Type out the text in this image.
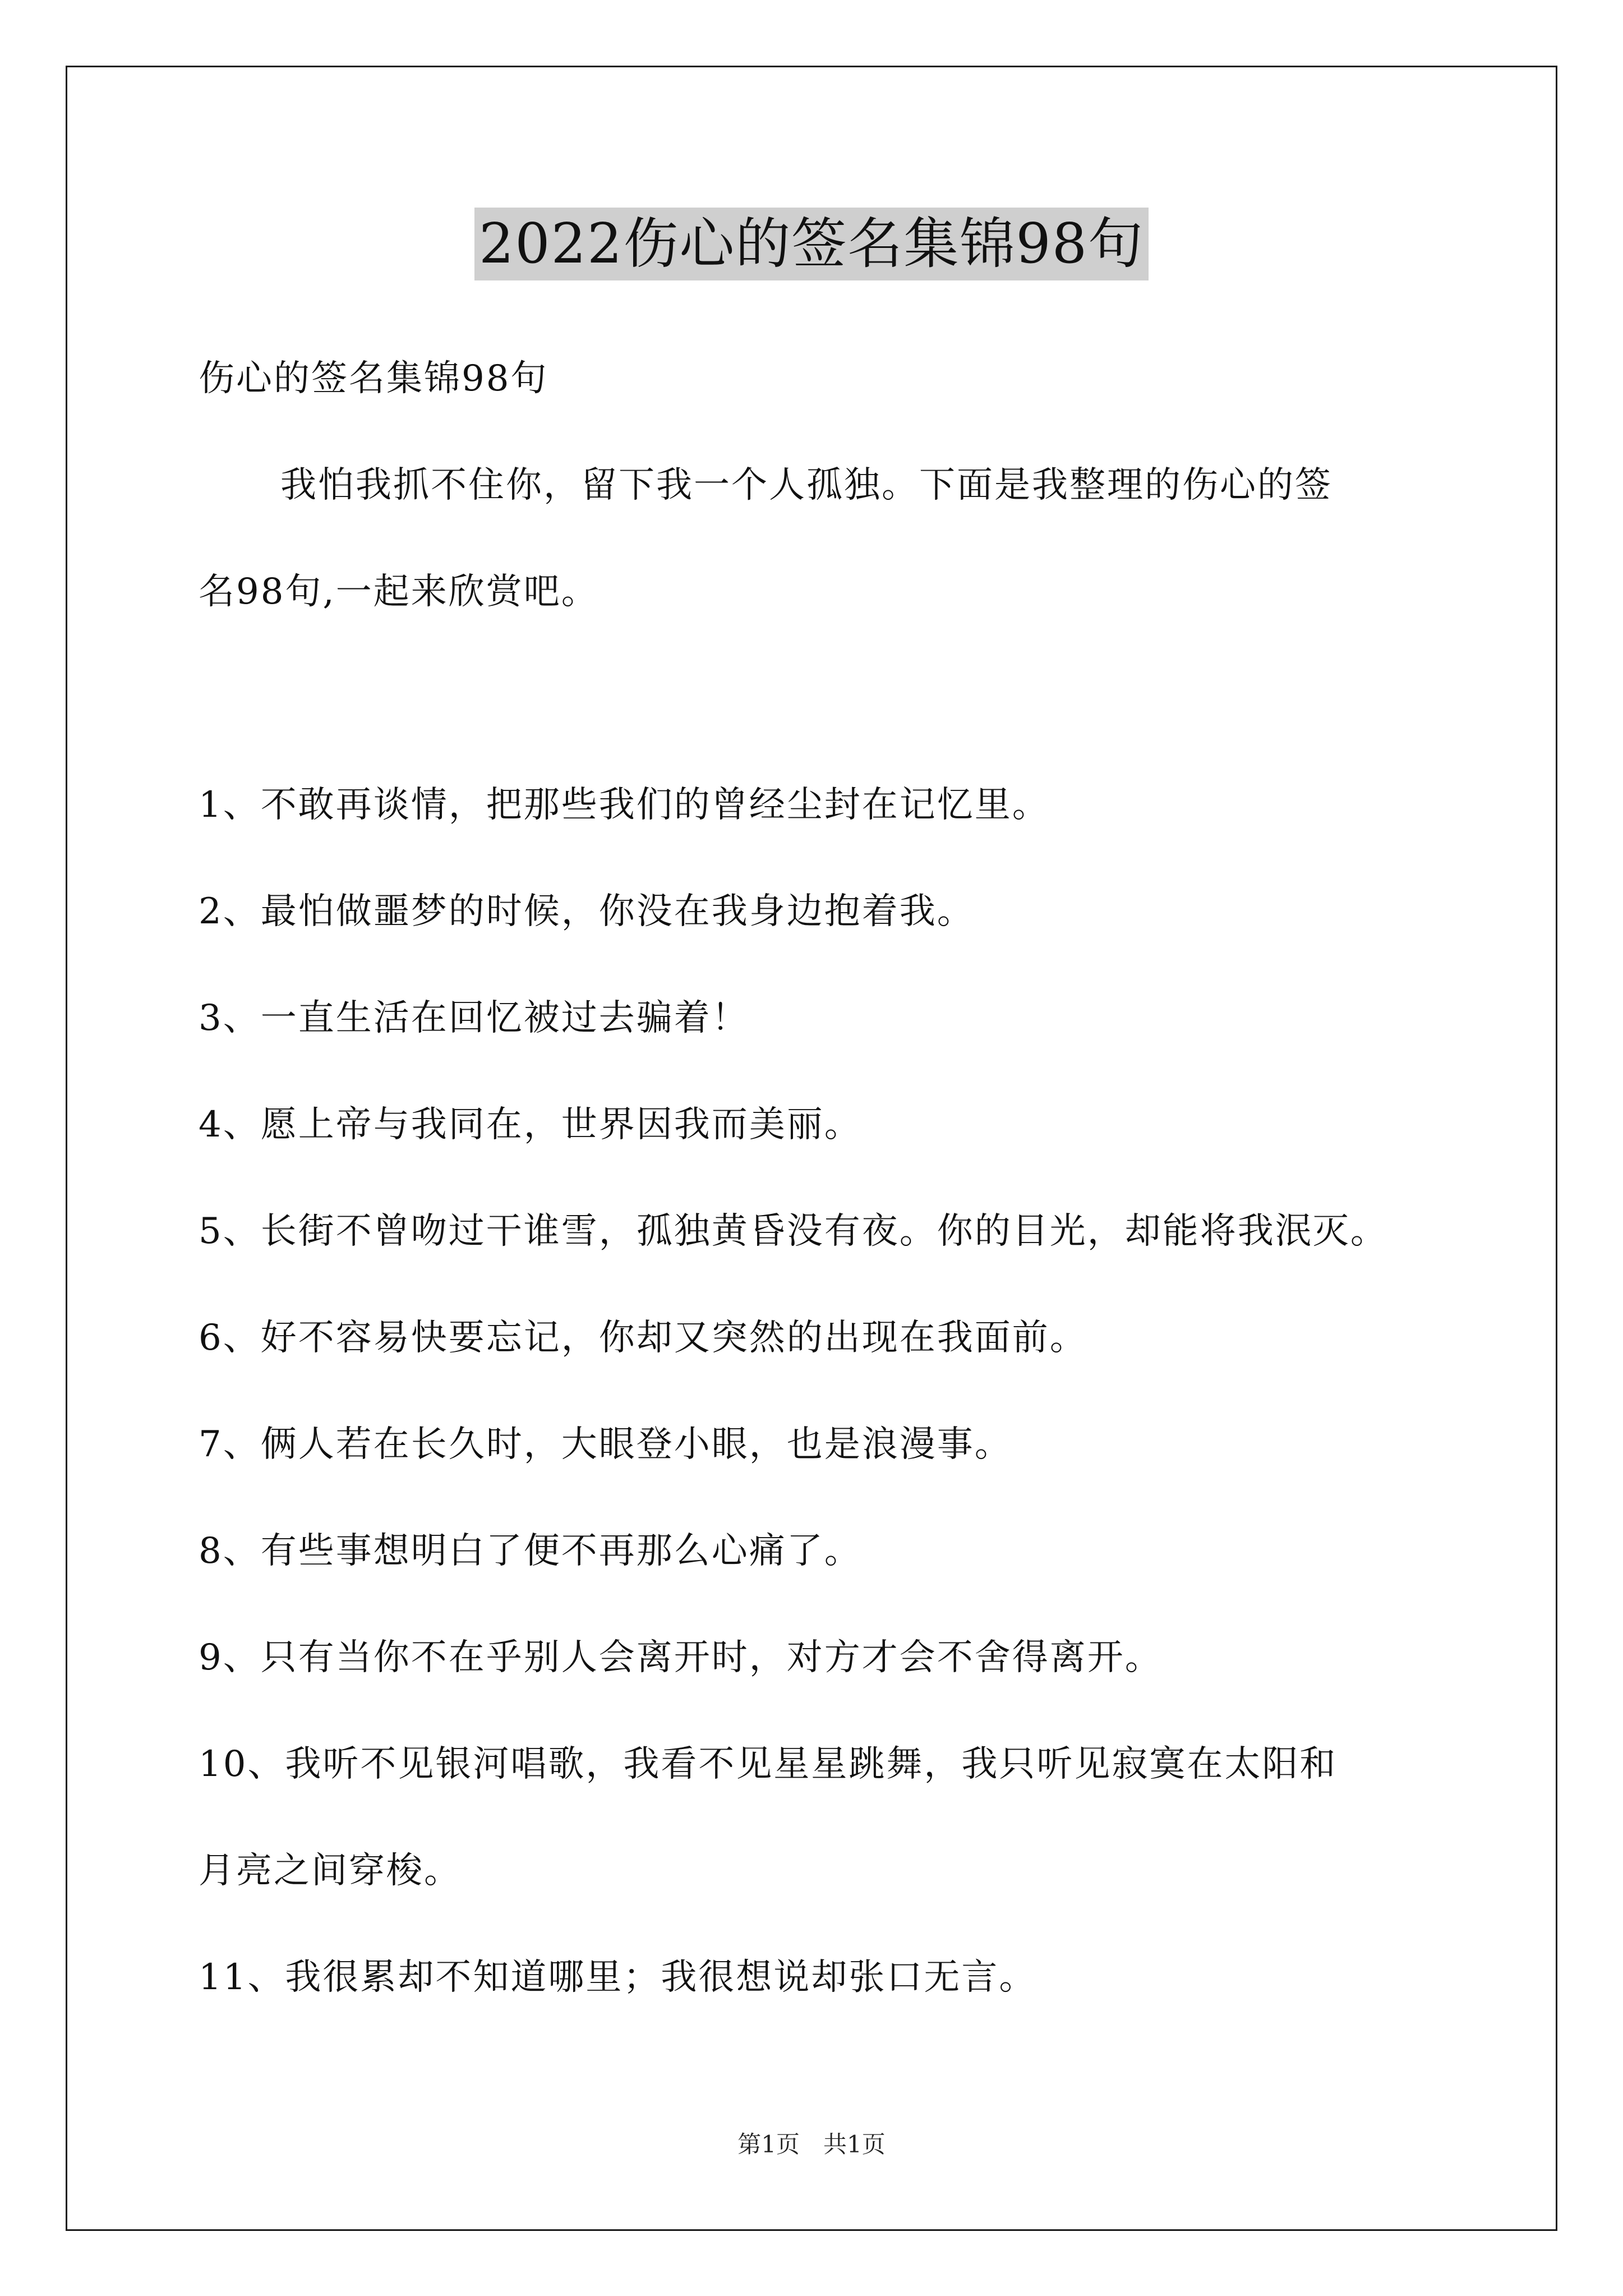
2022伤心的签名集锦98句
伤心的签名集锦98句
我怕我抓不住你，留下我一个人孤独。下面是我整理的伤心的签
名98句,一起来欣赏吧。
1、不敢再谈情，把那些我们的曾经尘封在记忆里。
2、最怕做噩梦的时候，你没在我身边抱着我。
3、一直生活在回忆被过去骗着！
4、愿上帝与我同在，世界因我而美丽。
5、长街不曾吻过干谁雪，孤独黄昏没有夜。你的目光，却能将我泯灭。
6、好不容易快要忘记，你却又突然的出现在我面前。
7、俩人若在长久时，大眼登小眼，也是浪漫事。
8、有些事想明白了便不再那么心痛了。
9、只有当你不在乎别人会离开时，对方才会不舍得离开。
10、我听不见银河唱歌，我看不见星星跳舞，我只听见寂寞在太阳和
月亮之间穿梭。
11、我很累却不知道哪里；我很想说却张口无言。
第1页　共1页
